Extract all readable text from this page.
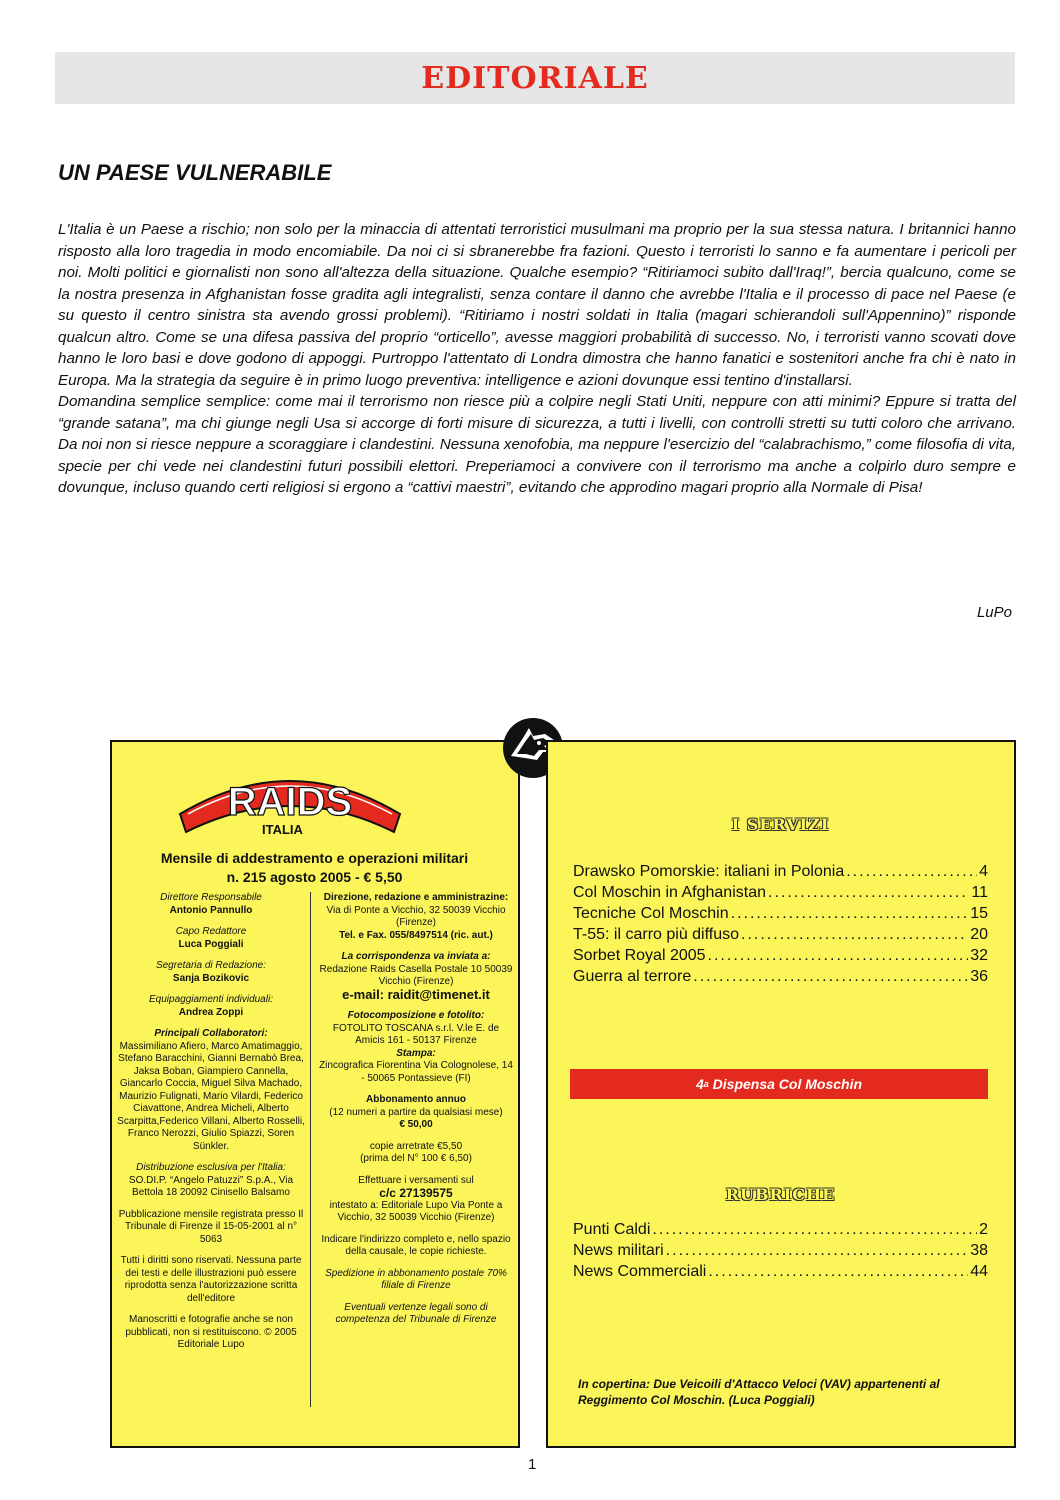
EDITORIALE
UN PAESE VULNERABILE

L'Italia è un Paese a rischio; non solo per la minaccia di attentati terroristici musulmani ma proprio per la sua stessa natura. I britannici hanno risposto alla loro tragedia in modo encomiabile. Da noi ci si sbranerebbe fra fazioni. Questo i terroristi lo sanno e fa aumentare i pericoli per noi. Molti politici e giornalisti non sono all'altezza della situazione. Qualche esempio? “Ritiriamoci subito dall'Iraq!”, bercia qualcuno, come se la nostra presenza in Afghanistan fosse gradita agli integralisti, senza contare il danno che avrebbe l'Italia e il processo di pace nel Paese (e su questo il centro sinistra sta avendo grossi problemi). “Ritiriamo i nostri soldati in Italia (magari schierandoli sull'Appennino)” risponde qualcun altro. Come se una difesa passiva del proprio “orticello”, avesse maggiori probabilità di successo. No, i terroristi vanno scovati dove hanno le loro basi e dove godono di appoggi. Purtroppo l'attentato di Londra dimostra che hanno fanatici e sostenitori anche fra chi è nato in Europa. Ma la strategia da seguire è in primo luogo preventiva: intelligence e azioni dovunque essi tentino d'installarsi.

Domandina semplice semplice: come mai il terrorismo non riesce più a colpire negli Stati Uniti, neppure con atti minimi? Eppure si tratta del “grande satana”, ma chi giunge negli Usa si accorge di forti misure di sicurezza, a tutti i livelli, con controlli stretti su tutti coloro che arrivano. Da noi non si riesce neppure a scoraggiare i clandestini. Nessuna xenofobia, ma neppure l'esercizio del “calabrachismo,” come filosofia di vita, specie per chi vede nei clandestini futuri possibili elettori. Preperiamoci a convivere con il terrorismo ma anche a colpirlo duro sempre e dovunque, incluso quando certi religiosi si ergono a “cattivi maestri”, evitando che approdino magari proprio alla Normale di Pisa!

LuPo
RAIDS
ITALIA
Mensile di addestramento e operazioni militari
n. 215 agosto 2005 - € 5,50
Direttore Responsabile
Antonio Pannullo
Capo Redattore
Luca Poggiali
Segretaria di Redazione:
Sanja Bozikovic
Equipaggiamenti individuali:
Andrea Zoppi
Principali Collaboratori:
Massimiliano Afiero, Marco Amatimaggio, Stefano Baracchini, Gianni Bernabò Brea, Jaksa Boban, Giampiero Cannella, Giancarlo Coccia, Miguel Silva Machado, Maurizio Fulignati, Mario Vilardi, Federico Ciavattone, Andrea Micheli, Alberto Scarpitta,Federico Villani, Alberto Rosselli, Franco Nerozzi, Giulio Spiazzi, Soren Sünkler.
Distribuzione esclusiva per l'Italia:
SO.DI.P. “Angelo Patuzzi” S.p.A., Via Bettola 18 20092 Cinisello Balsamo
Pubblicazione mensile registrata presso Il Tribunale di Firenze il 15-05-2001 al n° 5063
Tutti i diritti sono riservati. Nessuna parte dei testi e delle illustrazioni può essere riprodotta senza l'autorizzazione scritta dell'editore
Manoscritti e fotografie anche se non pubblicati, non si restituiscono. © 2005 Editoriale Lupo
Direzione, redazione e amministrazine:
Via di Ponte a Vicchio, 32 50039 Vicchio (Firenze)
Tel. e Fax. 055/8497514 (ric. aut.)
La corrispondenza va inviata a:
Redazione Raids Casella Postale 10 50039 Vicchio (Firenze)
e-mail: raidit@timenet.it
Fotocomposizione e fotolito:
FOTOLITO TOSCANA s.r.l. V.le E. de Amicis 161 - 50137 Firenze
Stampa:
Zincografica Fiorentina Via Colognolese, 14 - 50065 Pontassieve (FI)
Abbonamento annuo
(12 numeri a partire da qualsiasi mese)
€ 50,00
copie arretrate €5,50
(prima del N° 100 € 6,50)
Effettuare i versamenti sul
c/c 27139575
intestato a: Editoriale Lupo Via Ponte a Vicchio, 32 50039 Vicchio (Firenze)
Indicare l'indirizzo completo e, nello spazio della causale, le copie richieste.
Spedizione in abbonamento postale 70% filiale di Firenze
Eventuali vertenze legali sono di competenza del Tribunale di Firenze
I SERVIZI
Drawsko Pomorskie: italiani in Polonia .....	4
Col Moschin in Afghanistan .....	11
Tecniche Col Moschin .....	15
T-55: il carro più diffuso .....	20
Sorbet Royal 2005 .....	32
Guerra al terrore .....	36
4 a
Dispensa Col Moschin
RUBRICHE
Punti Caldi .....	2
News militari .....	38
News Commerciali .....	44
In copertina: Due Veicoili d'Attacco Veloci (VAV) appartenenti al Reggimento Col Moschin. (Luca Poggiali)
1
